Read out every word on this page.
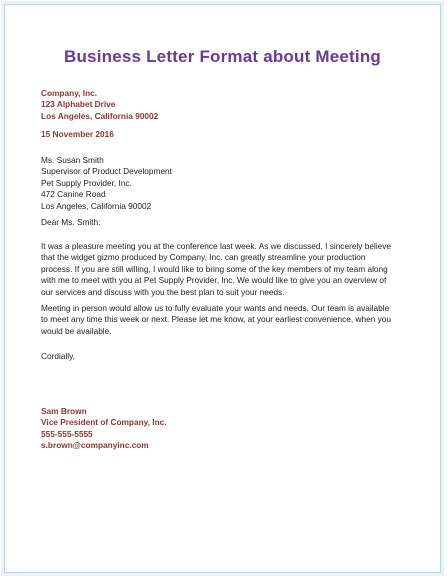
Business Letter Format about Meeting
Company, Inc.
123 Alphabet Drive
Los Angeles, California 90002
15 November 2016
Ms. Susan Smith
Supervisor of Product Development
Pet Supply Provider, Inc.
472 Canine Road
Los Angeles, California 90002
Dear Ms. Smith:

It was a pleasure meeting you at the conference last week. As we discussed, I sincerely believe
that the widget gizmo produced by Company, Inc. can greatly streamline your production
process. If you are still willing, I would like to bring some of the key members of my team along
with me to meet with you at Pet Supply Provider, Inc. We would like to give you an overview of
our services and discuss with you the best plan to suit your needs.

Meeting in person would allow us to fully evaluate your wants and needs. Our team is available
to meet any time this week or next. Please let me know, at your earliest convenience, when you
would be available.

Cordially,
Sam Brown
Vice President of Company, Inc.
555-555-5555
s.brown@companyinc.com
